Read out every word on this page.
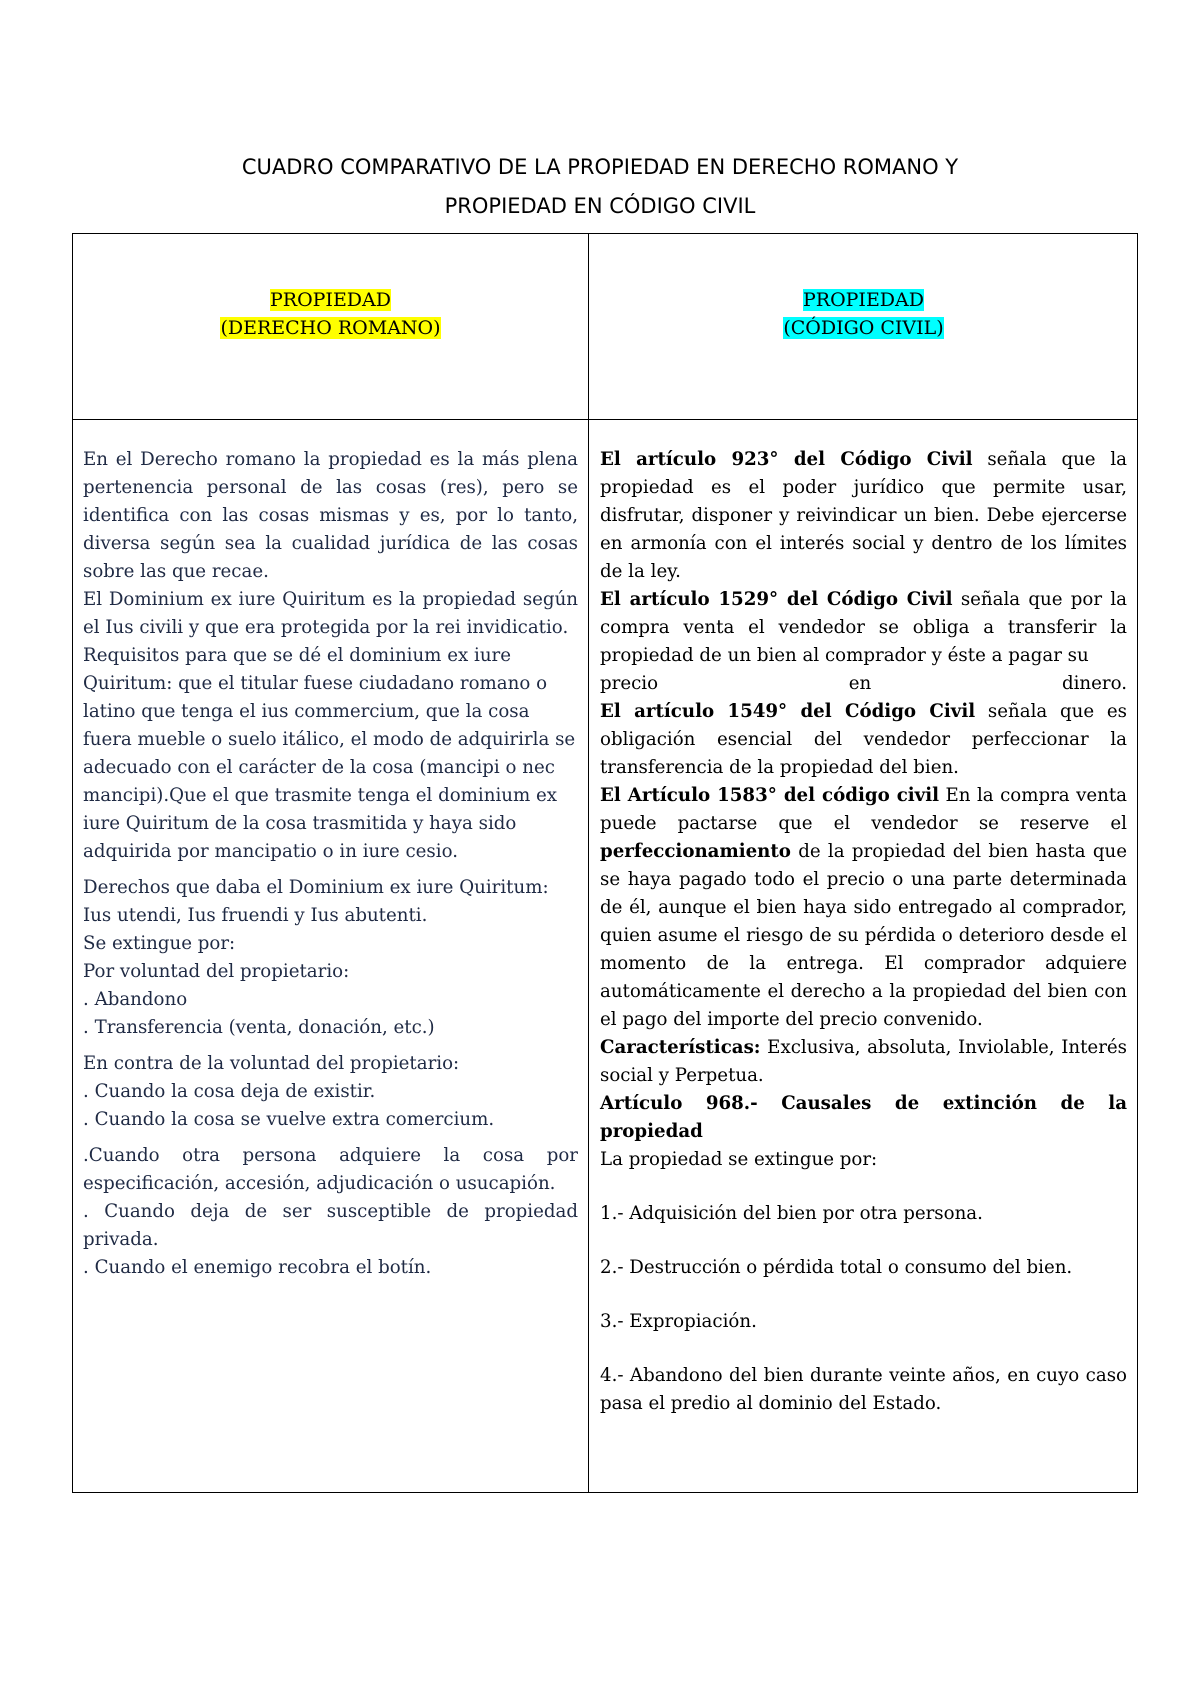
CUADRO COMPARATIVO DE LA PROPIEDAD EN DERECHO ROMANO Y
PROPIEDAD EN CÓDIGO CIVIL
PROPIEDAD
(DERECHO ROMANO)
PROPIEDAD
(CÓDIGO CIVIL)

En el Derecho romano la propiedad es la más plena pertenencia personal de las cosas (res), pero se identifica con las cosas mismas y es, por lo tanto, diversa según sea la cualidad jurídica de las cosas sobre las que recae.

El Dominium ex iure Quiritum es la propiedad según el Ius civili y que era protegida por la rei invidicatio.

Requisitos para que se dé el dominium ex iure Quiritum: que el titular fuese ciudadano romano o latino que tenga el ius commercium, que la cosa fuera mueble o suelo itálico, el modo de adquirirla se adecuado con el carácter de la cosa (mancipi o nec mancipi).Que el que trasmite tenga el dominium ex iure Quiritum de la cosa trasmitida y haya sido adquirida por mancipatio o in iure cesio.

Derechos que daba el Dominium ex iure Quiritum:

Ius utendi, Ius fruendi y Ius abutenti.

Se extingue por:

Por voluntad del propietario:

. Abandono

. Transferencia (venta, donación, etc.)

En contra de la voluntad del propietario:

. Cuando la cosa deja de existir.

. Cuando la cosa se vuelve extra comercium.

.Cuando otra persona adquiere la cosa por especificación, accesión, adjudicación o usucapión.

. Cuando deja de ser susceptible de propiedad privada.

. Cuando el enemigo recobra el botín.

El artículo 923° del Código Civil señala que la propiedad es el poder jurídico que permite usar, disfrutar, disponer y reivindicar un bien. Debe ejercerse en armonía con el interés social y dentro de los límites de la ley.

El artículo 1529° del Código Civil señala que por la compra venta el vendedor se obliga a transferir la propiedad de un bien al comprador y éste a pagar su

precio	en	dinero.

El artículo 1549° del Código Civil señala que es obligación esencial del vendedor perfeccionar la transferencia de la propiedad del bien.

El Artículo 1583° del código civil En la compra venta puede pactarse que el vendedor se reserve el perfeccionamiento de la propiedad del bien hasta que se haya pagado todo el precio o una parte determinada de él, aunque el bien haya sido entregado al comprador, quien asume el riesgo de su pérdida o deterioro desde el momento de la entrega. El comprador adquiere automáticamente el derecho a la propiedad del bien con el pago del importe del precio convenido.

Características: Exclusiva, absoluta, Inviolable, Interés social y Perpetua.

Artículo 968.- Causales de extinción de la propiedad

La propiedad se extingue por:

1.- Adquisición del bien por otra persona.

2.- Destrucción o pérdida total o consumo del bien.

3.- Expropiación.

4.- Abandono del bien durante veinte años, en cuyo caso pasa el predio al dominio del Estado.
